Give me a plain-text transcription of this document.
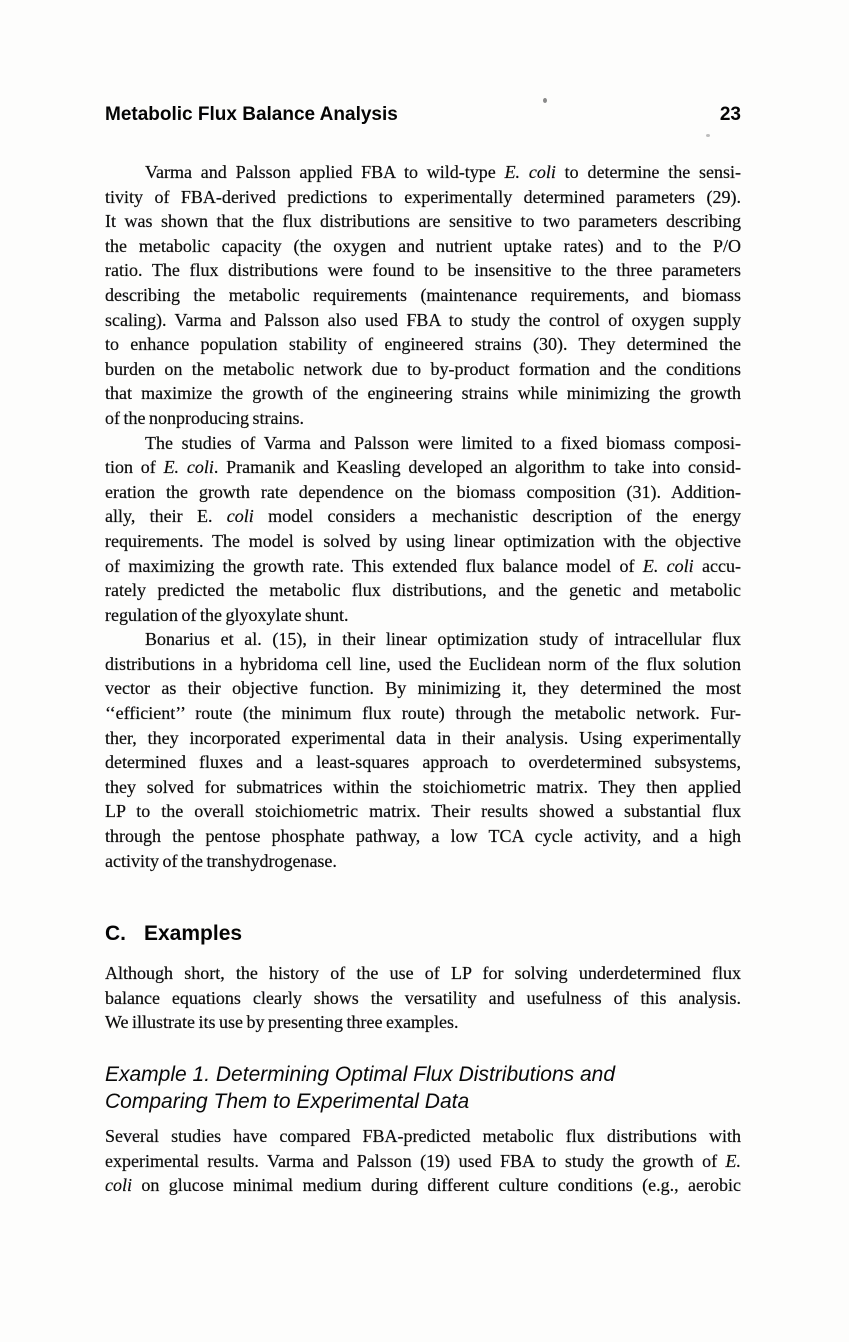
Metabolic Flux Balance Analysis	23
Varma and Palsson applied FBA to wild-type E. coli to determine the sensi-
tivity of FBA-derived predictions to experimentally determined parameters (29).
It was shown that the flux distributions are sensitive to two parameters describing
the metabolic capacity (the oxygen and nutrient uptake rates) and to the P/O
ratio. The flux distributions were found to be insensitive to the three parameters
describing the metabolic requirements (maintenance requirements, and biomass
scaling). Varma and Palsson also used FBA to study the control of oxygen supply
to enhance population stability of engineered strains (30). They determined the
burden on the metabolic network due to by-product formation and the conditions
that maximize the growth of the engineering strains while minimizing the growth
of the nonproducing strains.
The studies of Varma and Palsson were limited to a fixed biomass composi-
tion of E. coli. Pramanik and Keasling developed an algorithm to take into consid-
eration the growth rate dependence on the biomass composition (31). Addition-
ally, their E. coli model considers a mechanistic description of the energy
requirements. The model is solved by using linear optimization with the objective
of maximizing the growth rate. This extended flux balance model of E. coli accu-
rately predicted the metabolic flux distributions, and the genetic and metabolic
regulation of the glyoxylate shunt.
Bonarius et al. (15), in their linear optimization study of intracellular flux
distributions in a hybridoma cell line, used the Euclidean norm of the flux solution
vector as their objective function. By minimizing it, they determined the most
‘‘efficient’’ route (the minimum flux route) through the metabolic network. Fur-
ther, they incorporated experimental data in their analysis. Using experimentally
determined fluxes and a least-squares approach to overdetermined subsystems,
they solved for submatrices within the stoichiometric matrix. They then applied
LP to the overall stoichiometric matrix. Their results showed a substantial flux
through the pentose phosphate pathway, a low TCA cycle activity, and a high
activity of the transhydrogenase.
C. Examples
Although short, the history of the use of LP for solving underdetermined flux
balance equations clearly shows the versatility and usefulness of this analysis.
We illustrate its use by presenting three examples.
Example 1. Determining Optimal Flux Distributions and
Comparing Them to Experimental Data
Several studies have compared FBA-predicted metabolic flux distributions with
experimental results. Varma and Palsson (19) used FBA to study the growth of E.
coli on glucose minimal medium during different culture conditions (e.g., aerobic
